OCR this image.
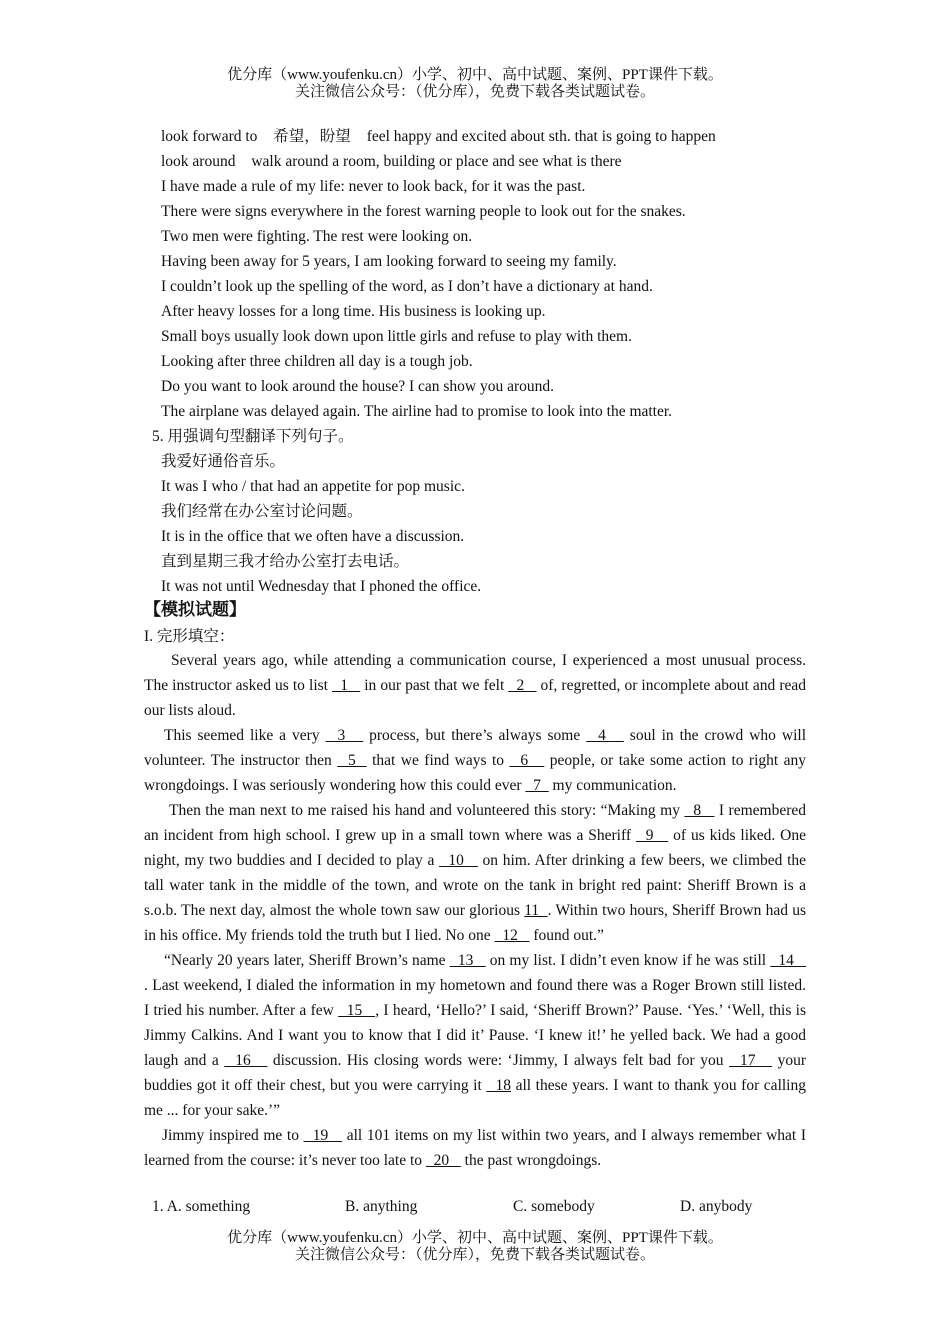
优分库（www.youfenku.cn）小学、初中、高中试题、案例、PPT课件下载。
关注微信公众号：（优分库），免费下载各类试题试卷。
look forward to 希望，盼望 feel happy and excited about sth. that is going to happen
look around walk around a room, building or place and see what is there
I have made a rule of my life: never to look back, for it was the past.
There were signs everywhere in the forest warning people to look out for the snakes.
Two men were fighting. The rest were looking on.
Having been away for 5 years, I am looking forward to seeing my family.
I couldn’t look up the spelling of the word, as I don’t have a dictionary at hand.
After heavy losses for a long time. His business is looking up.
Small boys usually look down upon little girls and refuse to play with them.
Looking after three children all day is a tough job.
Do you want to look around the house? I can show you around.
The airplane was delayed again. The airline had to promise to look into the matter.
5. 用强调句型翻译下列句子。
我爱好通俗音乐。
It was I who / that had an appetite for pop music.
我们经常在办公室讨论问题。
It is in the office that we often have a discussion.
直到星期三我才给办公室打去电话。
It was not until Wednesday that I phoned the office.
【模拟试题】
I. 完形填空：

Several years ago, while attending a communication course, I experienced a most unusual process. The instructor asked us to list   1    in our past that we felt   2    of, regretted, or incomplete about and read our lists aloud.

This seemed like a very   3    process, but there’s always some   4    soul in the crowd who will volunteer. The instructor then   5   that we find ways to   6    people, or take some action to right any wrongdoings. I was seriously wondering how this could ever   7   my communication.

Then the man next to me raised his hand and volunteered this story: “Making my   8    I remembered an incident from high school. I grew up in a small town where was a Sheriff   9    of us kids liked. One night, my two buddies and I decided to play a   10    on him. After drinking a few beers, we climbed the tall water tank in the middle of the town, and wrote on the tank in bright red paint: Sheriff Brown is a s.o.b. The next day, almost the whole town saw our glorious 11  . Within two hours, Sheriff Brown had us in his office. My friends told the truth but I lied. No one   12    found out.”

“Nearly 20 years later, Sheriff Brown’s name   13    on my list. I didn’t even know if he was still   14    . Last weekend, I dialed the information in my hometown and found there was a Roger Brown still listed. I tried his number. After a few   15   , I heard, ‘Hello?’ I said, ‘Sheriff Brown?’ Pause. ‘Yes.’ ‘Well, this is Jimmy Calkins. And I want you to know that I did it’ Pause. ‘I knew it!’ he yelled back. We had a good laugh and a   16    discussion. His closing words were: ‘Jimmy, I always felt bad for you   17    your buddies got it off their chest, but you were carrying it   18 all these years. I want to thank you for calling me ... for your sake.’”

Jimmy inspired me to   19    all 101 items on my list within two years, and I always remember what I learned from the course: it’s never too late to   20    the past wrongdoings.

1. A. something	B. anything	C. somebody	D. anybody
优分库（www.youfenku.cn）小学、初中、高中试题、案例、PPT课件下载。
关注微信公众号：（优分库），免费下载各类试题试卷。
